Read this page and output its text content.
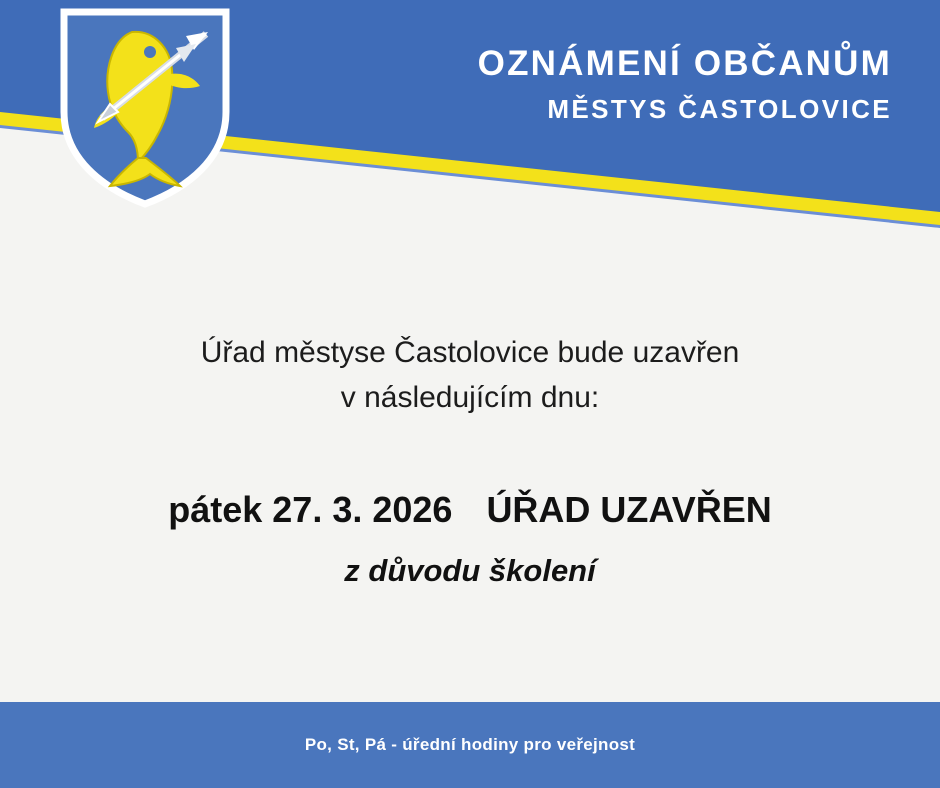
OZNÁMENÍ OBČANŮM
MĚSTYS ČASTOLOVICE
Úřad městyse Častolovice bude uzavřen
v následujícím dnu:
pátek 27. 3. 2026 ÚŘAD UZAVŘEN
z důvodu školení
Po, St, Pá - úřední hodiny pro veřejnost
